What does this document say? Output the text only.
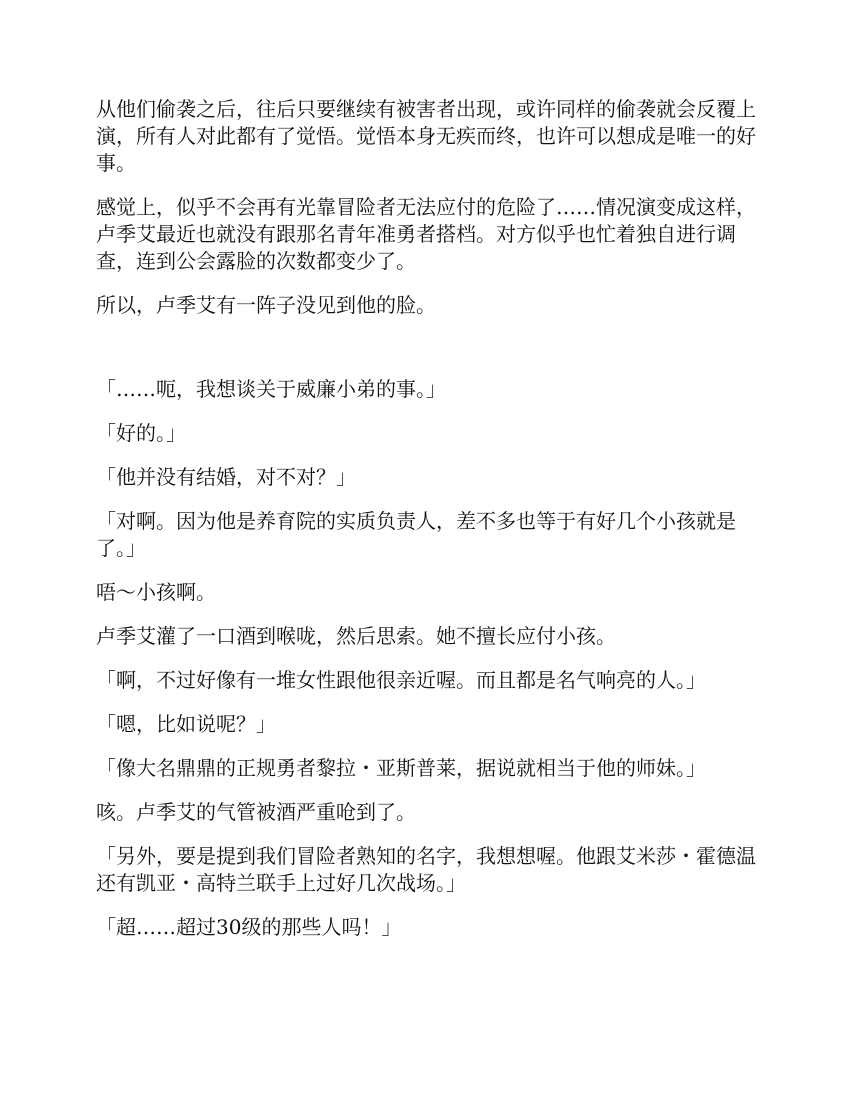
从他们偷袭之后，往后只要继续有被害者出现，或许同样的偷袭就会反覆上演，所有人对此都有了觉悟。觉悟本身无疾而终，也许可以想成是唯一的好事。

感觉上，似乎不会再有光靠冒险者无法应付的危险了……情况演变成这样，卢季艾最近也就没有跟那名青年准勇者搭档。对方似乎也忙着独自进行调查，连到公会露脸的次数都变少了。

所以，卢季艾有一阵子没见到他的脸。

「……呃，我想谈关于威廉小弟的事。」

「好的。」

「他并没有结婚，对不对？」

「对啊。因为他是养育院的实质负责人，差不多也等于有好几个小孩就是了。」

唔～小孩啊。

卢季艾灌了一口酒到喉咙，然后思索。她不擅长应付小孩。

「啊，不过好像有一堆女性跟他很亲近喔。而且都是名气响亮的人。」

「嗯，比如说呢？」

「像大名鼎鼎的正规勇者黎拉・亚斯普莱，据说就相当于他的师妹。」

咳。卢季艾的气管被酒严重呛到了。

「另外，要是提到我们冒险者熟知的名字，我想想喔。他跟艾米莎・霍德温还有凯亚・高特兰联手上过好几次战场。」

「超……超过30级的那些人吗！」
